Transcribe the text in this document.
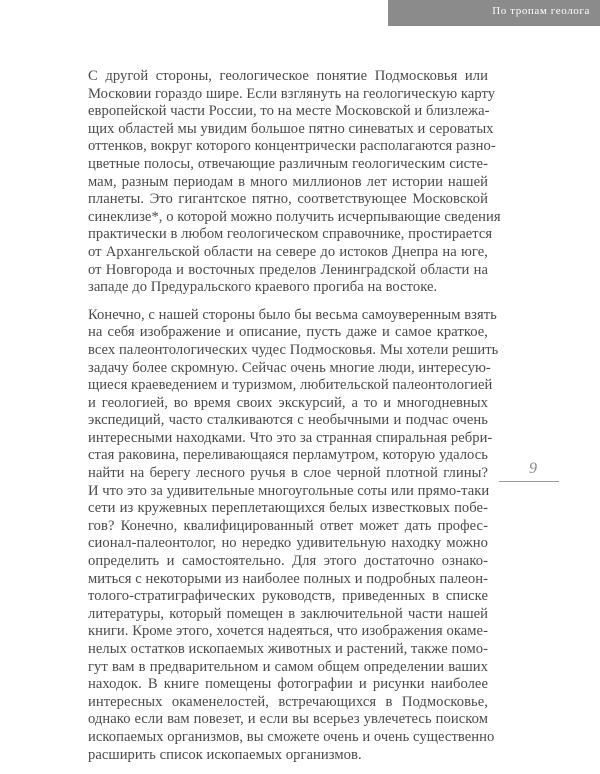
По тропам геолога
9

С другой стороны, геологическое понятие Подмосковья или
Московии гораздо шире. Если взглянуть на геологическую карту
европейской части России, то на месте Московской и близлежа-
щих областей мы увидим большое пятно синеватых и сероватых
оттенков, вокруг которого концентрически располагаются разно-
цветные полосы, отвечающие различным геологическим систе-
мам, разным периодам в много миллионов лет истории нашей
планеты. Это гигантское пятно, соответствующее Московской
синеклизе*, о которой можно получить исчерпывающие сведения
практически в любом геологическом справочнике, простирается
от Архангельской области на севере до истоков Днепра на юге,
от Новгорода и восточных пределов Ленинградской области на
западе до Предуральского краевого прогиба на востоке.

Конечно, с нашей стороны было бы весьма самоуверенным взять
на себя изображение и описание, пусть даже и самое краткое,
всех палеонтологических чудес Подмосковья. Мы хотели решить
задачу более скромную. Сейчас очень многие люди, интересую-
щиеся краеведением и туризмом, любительской палеонтологией
и геологией, во время своих экскурсий, а то и многодневных
экспедиций, часто сталкиваются с необычными и подчас очень
интересными находками. Что это за странная спиральная ребри-
стая раковина, переливающаяся перламутром, которую удалось
найти на берегу лесного ручья в слое черной плотной глины?
И что это за удивительные многоугольные соты или прямо-таки
сети из кружевных переплетающихся белых известковых побе-
гов? Конечно, квалифицированный ответ может дать профес-
сионал-палеонтолог, но нередко удивительную находку можно
определить и самостоятельно. Для этого достаточно ознако-
миться с некоторыми из наиболее полных и подробных палеон-
толого-стратиграфических руководств, приведенных в списке
литературы, который помещен в заключительной части нашей
книги. Кроме этого, хочется надеяться, что изображения окаме-
нелых остатков ископаемых животных и растений, также помо-
гут вам в предварительном и самом общем определении ваших
находок. В книге помещены фотографии и рисунки наиболее
интересных окаменелостей, встречающихся в Подмосковье,
однако если вам повезет, и если вы всерьез увлечетесь поиском
ископаемых организмов, вы сможете очень и очень существенно
расширить список ископаемых организмов.
